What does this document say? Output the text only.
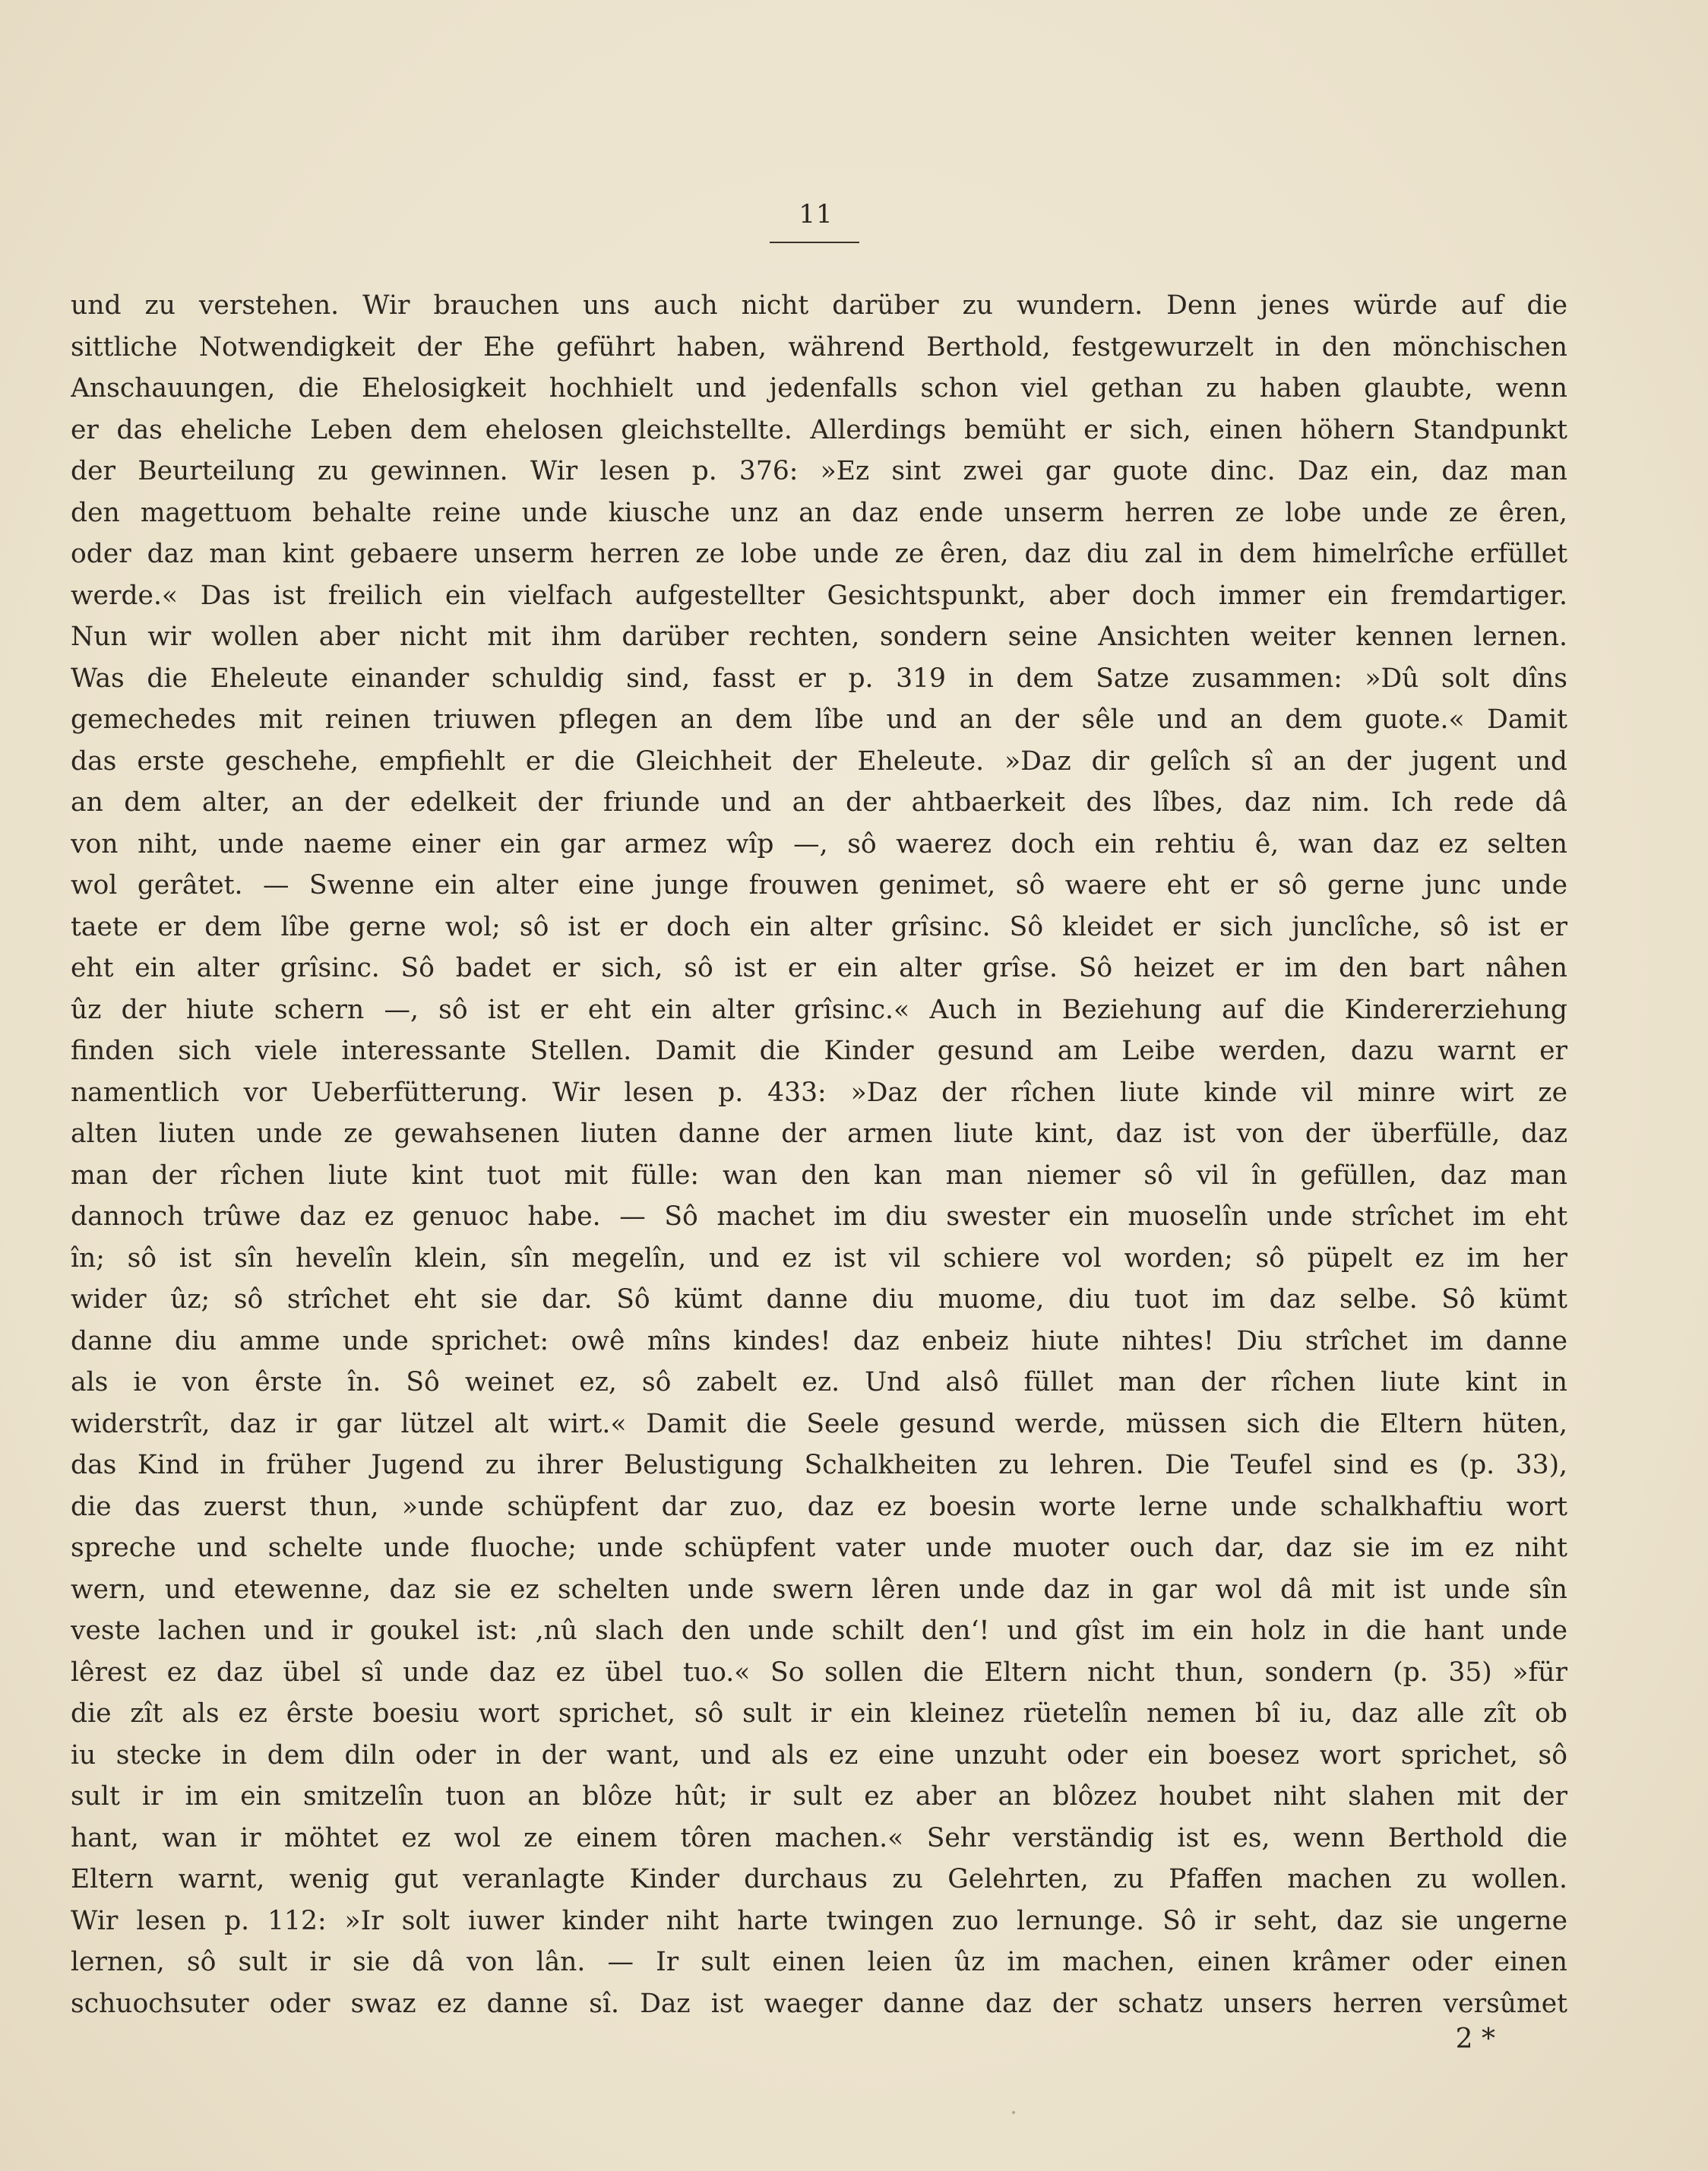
11
und zu verstehen. Wir brauchen uns auch nicht darüber zu wundern. Denn jenes würde auf die
sittliche Notwendigkeit der Ehe geführt haben, während Berthold, festgewurzelt in den mönchischen
Anschauungen, die Ehelosigkeit hochhielt und jedenfalls schon viel gethan zu haben glaubte, wenn
er das eheliche Leben dem ehelosen gleichstellte. Allerdings bemüht er sich, einen höhern Standpunkt
der Beurteilung zu gewinnen. Wir lesen p. 376: »Ez sint zwei gar guote dinc. Daz ein, daz man
den magettuom behalte reine unde kiusche unz an daz ende unserm herren ze lobe unde ze êren,
oder daz man kint gebaere unserm herren ze lobe unde ze êren, daz diu zal in dem himelrîche erfüllet
werde.« Das ist freilich ein vielfach aufgestellter Gesichtspunkt, aber doch immer ein fremdartiger.
Nun wir wollen aber nicht mit ihm darüber rechten, sondern seine Ansichten weiter kennen lernen.
Was die Eheleute einander schuldig sind, fasst er p. 319 in dem Satze zusammen: »Dû solt dîns
gemechedes mit reinen triuwen pflegen an dem lîbe und an der sêle und an dem guote.« Damit
das erste geschehe, empfiehlt er die Gleichheit der Eheleute. »Daz dir gelîch sî an der jugent und
an dem alter, an der edelkeit der friunde und an der ahtbaerkeit des lîbes, daz nim. Ich rede dâ
von niht, unde naeme einer ein gar armez wîp —, sô waerez doch ein rehtiu ê, wan daz ez selten
wol gerâtet. — Swenne ein alter eine junge frouwen genimet, sô waere eht er sô gerne junc unde
taete er dem lîbe gerne wol; sô ist er doch ein alter grîsinc. Sô kleidet er sich junclîche, sô ist er
eht ein alter grîsinc. Sô badet er sich, sô ist er ein alter grîse. Sô heizet er im den bart nâhen
ûz der hiute schern —, sô ist er eht ein alter grîsinc.« Auch in Beziehung auf die Kindererziehung
finden sich viele interessante Stellen. Damit die Kinder gesund am Leibe werden, dazu warnt er
namentlich vor Ueberfütterung. Wir lesen p. 433: »Daz der rîchen liute kinde vil minre wirt ze
alten liuten unde ze gewahsenen liuten danne der armen liute kint, daz ist von der überfülle, daz
man der rîchen liute kint tuot mit fülle: wan den kan man niemer sô vil în gefüllen, daz man
dannoch trûwe daz ez genuoc habe. — Sô machet im diu swester ein muoselîn unde strîchet im eht
în; sô ist sîn hevelîn klein, sîn megelîn, und ez ist vil schiere vol worden; sô püpelt ez im her
wider ûz; sô strîchet eht sie dar. Sô kümt danne diu muome, diu tuot im daz selbe. Sô kümt
danne diu amme unde sprichet: owê mîns kindes! daz enbeiz hiute nihtes! Diu strîchet im danne
als ie von êrste în. Sô weinet ez, sô zabelt ez. Und alsô füllet man der rîchen liute kint in
widerstrît, daz ir gar lützel alt wirt.« Damit die Seele gesund werde, müssen sich die Eltern hüten,
das Kind in früher Jugend zu ihrer Belustigung Schalkheiten zu lehren. Die Teufel sind es (p. 33),
die das zuerst thun, »unde schüpfent dar zuo, daz ez boesin worte lerne unde schalkhaftiu wort
spreche und schelte unde fluoche; unde schüpfent vater unde muoter ouch dar, daz sie im ez niht
wern, und etewenne, daz sie ez schelten unde swern lêren unde daz in gar wol dâ mit ist unde sîn
veste lachen und ir goukel ist: ‚nû slach den unde schilt den‘! und gîst im ein holz in die hant unde
lêrest ez daz übel sî unde daz ez übel tuo.« So sollen die Eltern nicht thun, sondern (p. 35) »für
die zît als ez êrste boesiu wort sprichet, sô sult ir ein kleinez rüetelîn nemen bî iu, daz alle zît ob
iu stecke in dem diln oder in der want, und als ez eine unzuht oder ein boesez wort sprichet, sô
sult ir im ein smitzelîn tuon an blôze hût; ir sult ez aber an blôzez houbet niht slahen mit der
hant, wan ir möhtet ez wol ze einem tôren machen.« Sehr verständig ist es, wenn Berthold die
Eltern warnt, wenig gut veranlagte Kinder durchaus zu Gelehrten, zu Pfaffen machen zu wollen.
Wir lesen p. 112: »Ir solt iuwer kinder niht harte twingen zuo lernunge. Sô ir seht, daz sie ungerne
lernen, sô sult ir sie dâ von lân. — Ir sult einen leien ûz im machen, einen krâmer oder einen
schuochsuter oder swaz ez danne sî. Daz ist waeger danne daz der schatz unsers herren versûmet
2 *
